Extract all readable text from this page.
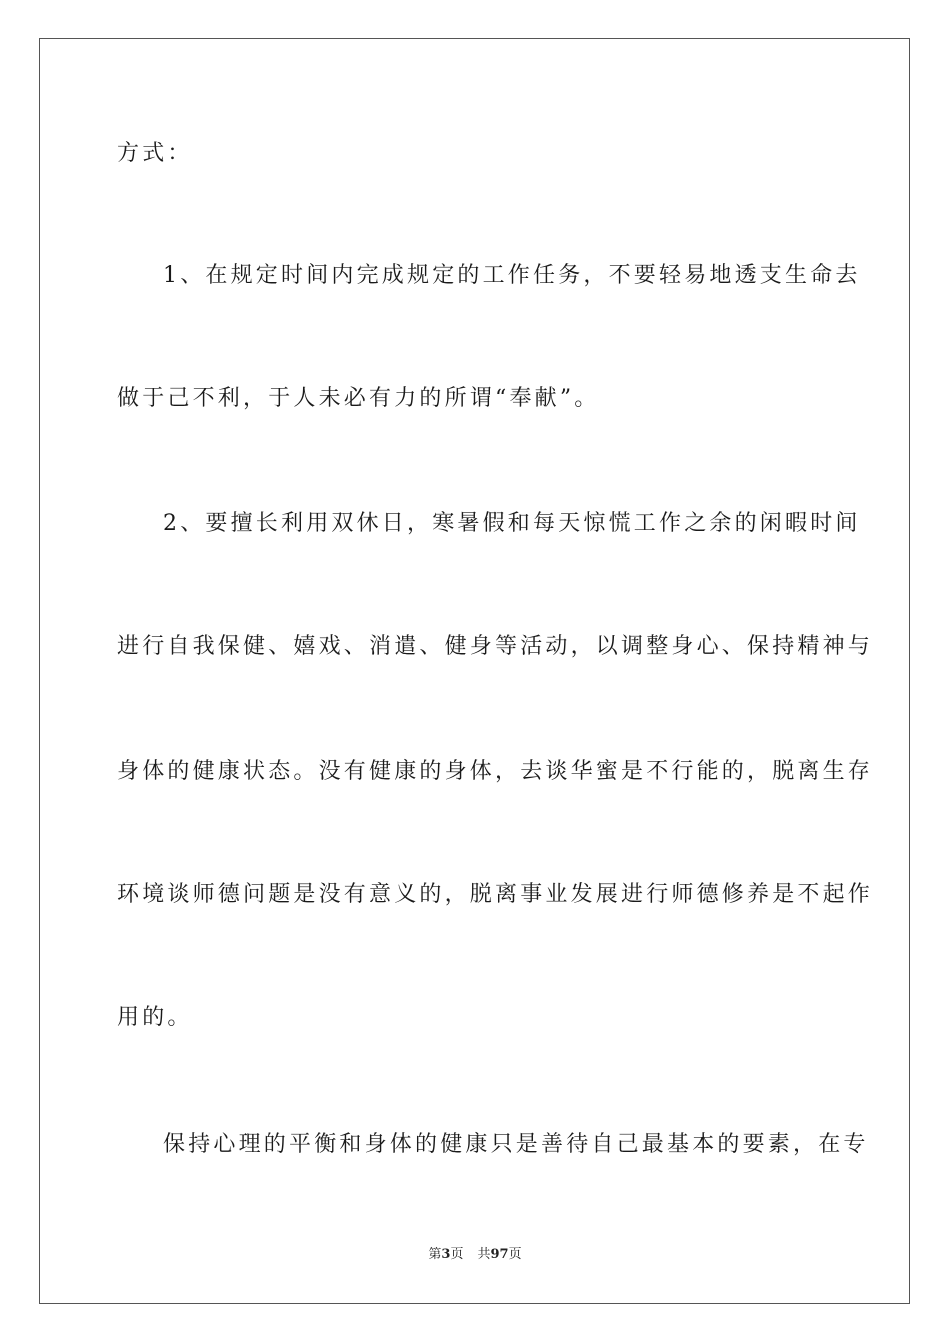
方式：
1、在规定时间内完成规定的工作任务，不要轻易地透支生命去
做于己不利，于人未必有力的所谓“奉献”。
2、要擅长利用双休日，寒暑假和每天惊慌工作之余的闲暇时间
进行自我保健、嬉戏、消遣、健身等活动，以调整身心、保持精神与
身体的健康状态。没有健康的身体，去谈华蜜是不行能的，脱离生存
环境谈师德问题是没有意义的，脱离事业发展进行师德修养是不起作
用的。
保持心理的平衡和身体的健康只是善待自己最基本的要素，在专
第3页 共97页
